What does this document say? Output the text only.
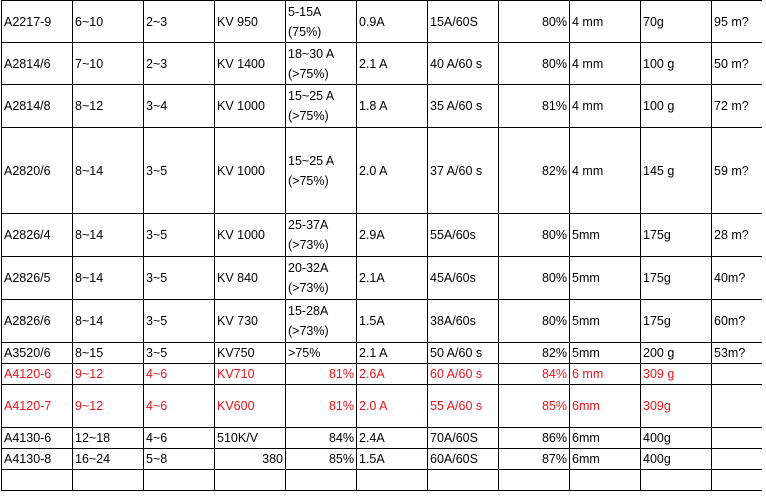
A2217-9	6~10	2~3	KV 950	5-15A (75%)	0.9A	15A/60S	80%	4 mm	70g	95 m?
A2814/6	7~10	2~3	KV 1400	18~30 A (>75%)	2.1 A	40 A/60 s	80%	4 mm	100 g	50 m?
A2814/8	8~12	3~4	KV 1000	15~25 A (>75%)	1.8 A	35 A/60 s	81%	4 mm	100 g	72 m?
A2820/6	8~14	3~5	KV 1000	15~25 A (>75%)	2.0 A	37 A/60 s	82%	4 mm	145 g	59 m?
A2826/4	8~14	3~5	KV 1000	25-37A (>73%)	2.9A	55A/60s	80%	5mm	175g	28 m?
A2826/5	8~14	3~5	KV 840	20-32A (>73%)	2.1A	45A/60s	80%	5mm	175g	40m?
A2826/6	8~14	3~5	KV 730	15-28A (>73%)	1.5A	38A/60s	80%	5mm	175g	60m?
A3520/6	8~15	3~5	KV750	>75%	2.1 A	50 A/60 s	82%	5mm	200 g	53m?
A4120-6	9~12	4~6	KV710	81%	2.6A	60 A/60 s	84%	6 mm	309 g	
A4120-7	9~12	4~6	KV600	81%	2.0 A	55 A/60 s	85%	6mm	309g	
A4130-6	12~18	4~6	510K/V	84%	2.4A	70A/60S	86%	6mm	400g	
A4130-8	16~24	5~8	380	85%	1.5A	60A/60S	87%	6mm	400g	
